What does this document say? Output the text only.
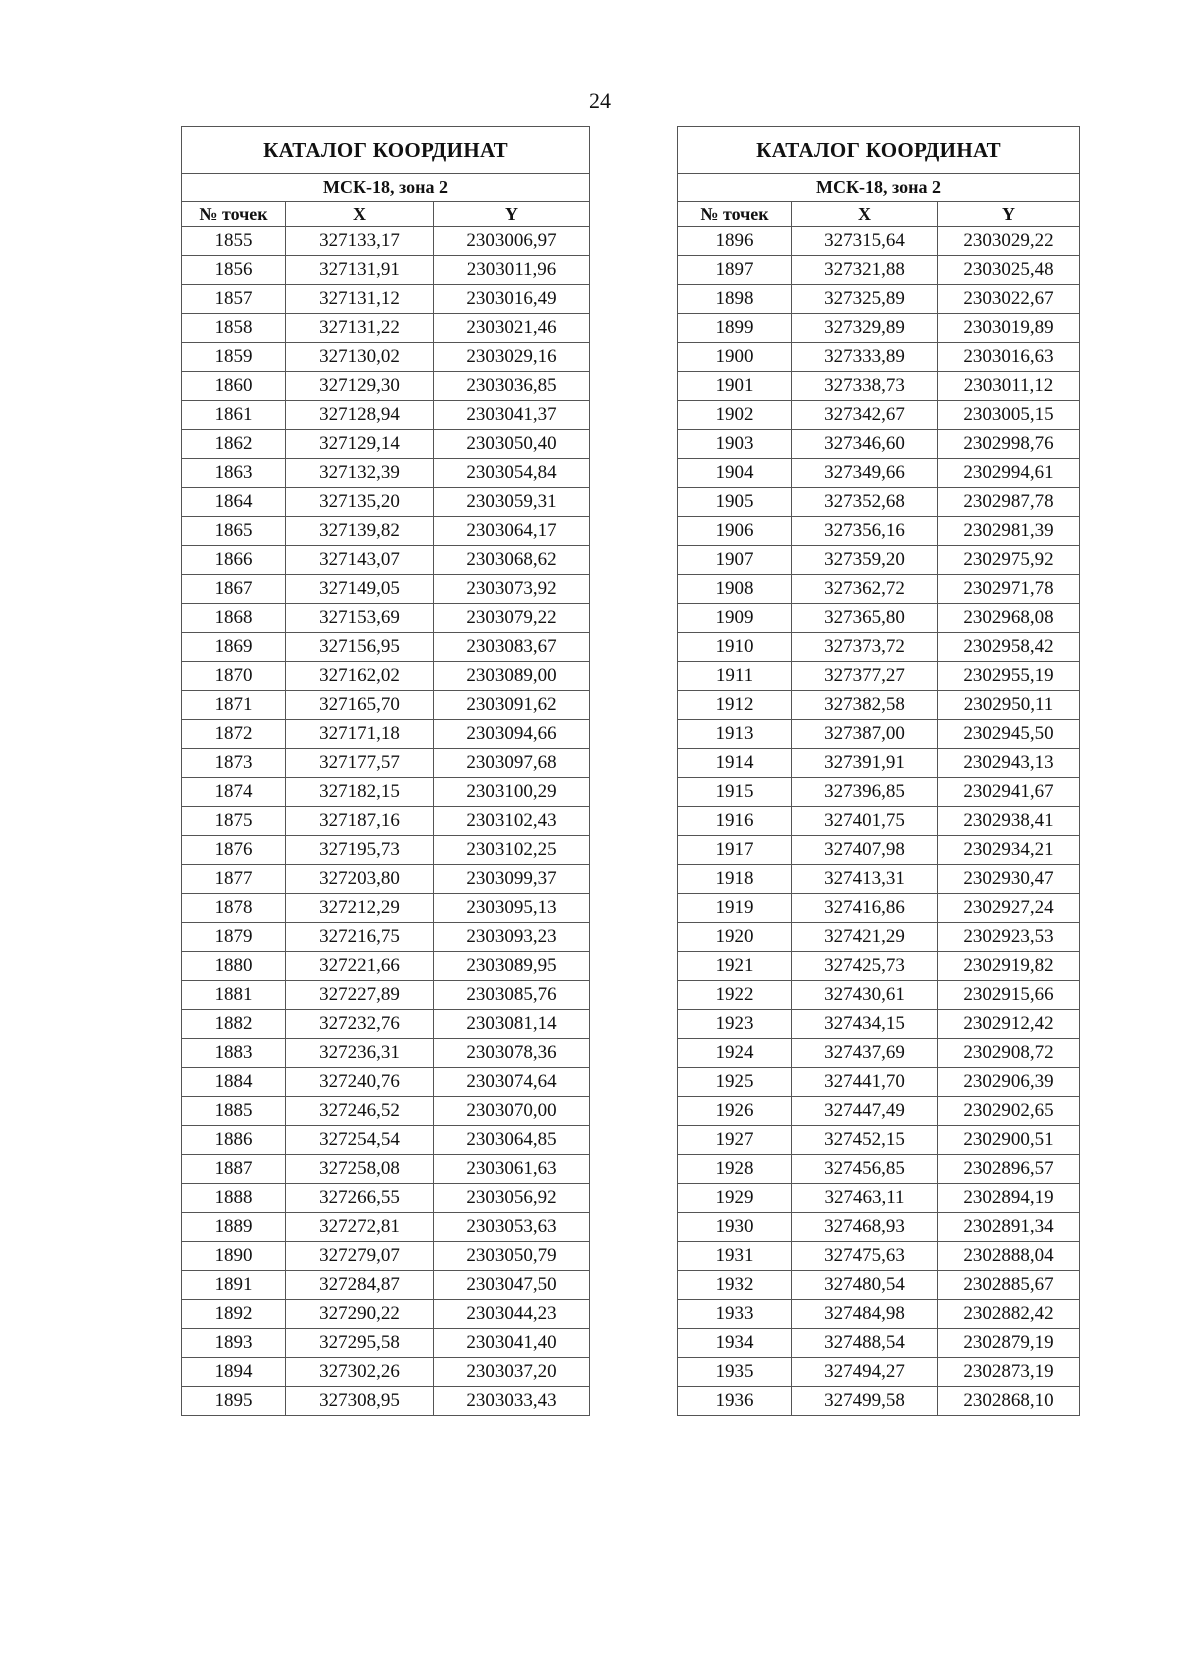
24
КАТАЛОГ КООРДИНАТ		
МСК-18, зона 2		
№ точек	X	Y
1855	327133,17	2303006,97
1856	327131,91	2303011,96
1857	327131,12	2303016,49
1858	327131,22	2303021,46
1859	327130,02	2303029,16
1860	327129,30	2303036,85
1861	327128,94	2303041,37
1862	327129,14	2303050,40
1863	327132,39	2303054,84
1864	327135,20	2303059,31
1865	327139,82	2303064,17
1866	327143,07	2303068,62
1867	327149,05	2303073,92
1868	327153,69	2303079,22
1869	327156,95	2303083,67
1870	327162,02	2303089,00
1871	327165,70	2303091,62
1872	327171,18	2303094,66
1873	327177,57	2303097,68
1874	327182,15	2303100,29
1875	327187,16	2303102,43
1876	327195,73	2303102,25
1877	327203,80	2303099,37
1878	327212,29	2303095,13
1879	327216,75	2303093,23
1880	327221,66	2303089,95
1881	327227,89	2303085,76
1882	327232,76	2303081,14
1883	327236,31	2303078,36
1884	327240,76	2303074,64
1885	327246,52	2303070,00
1886	327254,54	2303064,85
1887	327258,08	2303061,63
1888	327266,55	2303056,92
1889	327272,81	2303053,63
1890	327279,07	2303050,79
1891	327284,87	2303047,50
1892	327290,22	2303044,23
1893	327295,58	2303041,40
1894	327302,26	2303037,20
1895	327308,95	2303033,43
КАТАЛОГ КООРДИНАТ		
МСК-18, зона 2		
№ точек	X	Y
1896	327315,64	2303029,22
1897	327321,88	2303025,48
1898	327325,89	2303022,67
1899	327329,89	2303019,89
1900	327333,89	2303016,63
1901	327338,73	2303011,12
1902	327342,67	2303005,15
1903	327346,60	2302998,76
1904	327349,66	2302994,61
1905	327352,68	2302987,78
1906	327356,16	2302981,39
1907	327359,20	2302975,92
1908	327362,72	2302971,78
1909	327365,80	2302968,08
1910	327373,72	2302958,42
1911	327377,27	2302955,19
1912	327382,58	2302950,11
1913	327387,00	2302945,50
1914	327391,91	2302943,13
1915	327396,85	2302941,67
1916	327401,75	2302938,41
1917	327407,98	2302934,21
1918	327413,31	2302930,47
1919	327416,86	2302927,24
1920	327421,29	2302923,53
1921	327425,73	2302919,82
1922	327430,61	2302915,66
1923	327434,15	2302912,42
1924	327437,69	2302908,72
1925	327441,70	2302906,39
1926	327447,49	2302902,65
1927	327452,15	2302900,51
1928	327456,85	2302896,57
1929	327463,11	2302894,19
1930	327468,93	2302891,34
1931	327475,63	2302888,04
1932	327480,54	2302885,67
1933	327484,98	2302882,42
1934	327488,54	2302879,19
1935	327494,27	2302873,19
1936	327499,58	2302868,10
